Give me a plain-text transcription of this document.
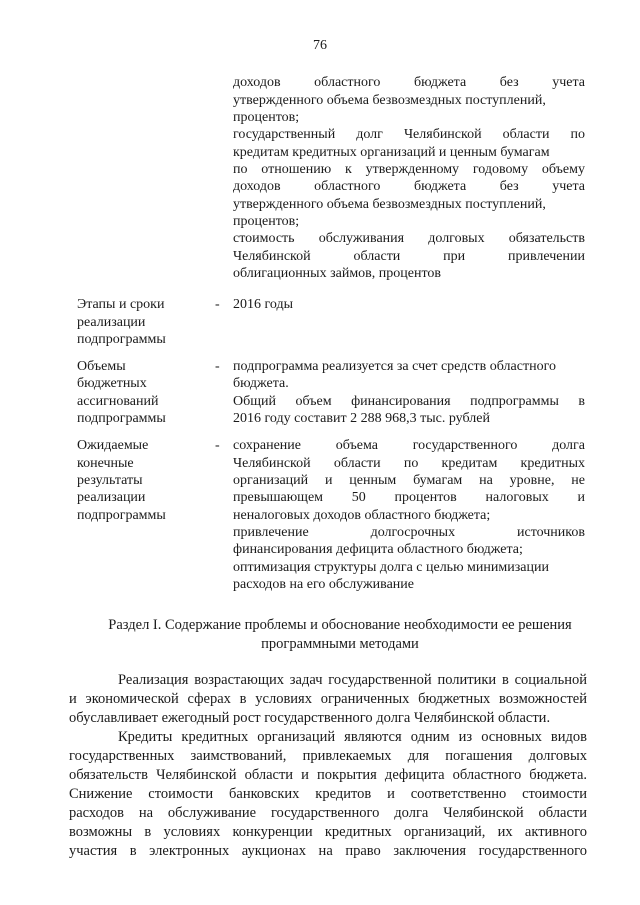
76
доходов областного бюджета без учета
утвержденного объема безвозмездных поступлений,
процентов;
государственный долг Челябинской области по
кредитам кредитных организаций и ценным бумагам
по отношению к утвержденному годовому объему
доходов областного бюджета без учета
утвержденного объема безвозмездных поступлений,
процентов;
стоимость обслуживания долговых обязательств
Челябинской области при привлечении
облигационных займов, процентов
Этапы и сроки
реализации
подпрограммы
- 2016 годы
Объемы
бюджетных
ассигнований
подпрограммы
- подпрограмма реализуется за счет средств областного
бюджета.
Общий объем финансирования подпрограммы в
2016 году составит 2 288 968,3 тыс. рублей
Ожидаемые
конечные
результаты
реализации
подпрограммы
- сохранение объема государственного долга
Челябинской области по кредитам кредитных
организаций и ценным бумагам на уровне, не
превышающем 50 процентов налоговых и
неналоговых доходов областного бюджета;
привлечение долгосрочных источников
финансирования дефицита областного бюджета;
оптимизация структуры долга с целью минимизации
расходов на его обслуживание
Раздел I. Содержание проблемы и обоснование необходимости ее решения
программными методами
Реализация возрастающих задач государственной политики в социальной
и экономической сферах в условиях ограниченных бюджетных возможностей
обуславливает ежегодный рост государственного долга Челябинской области.
Кредиты кредитных организаций являются одним из основных видов
государственных заимствований, привлекаемых для погашения долговых
обязательств Челябинской области и покрытия дефицита областного бюджета.
Снижение стоимости банковских кредитов и соответственно стоимости
расходов на обслуживание государственного долга Челябинской области
возможны в условиях конкуренции кредитных организаций, их активного
участия в электронных аукционах на право заключения государственного
